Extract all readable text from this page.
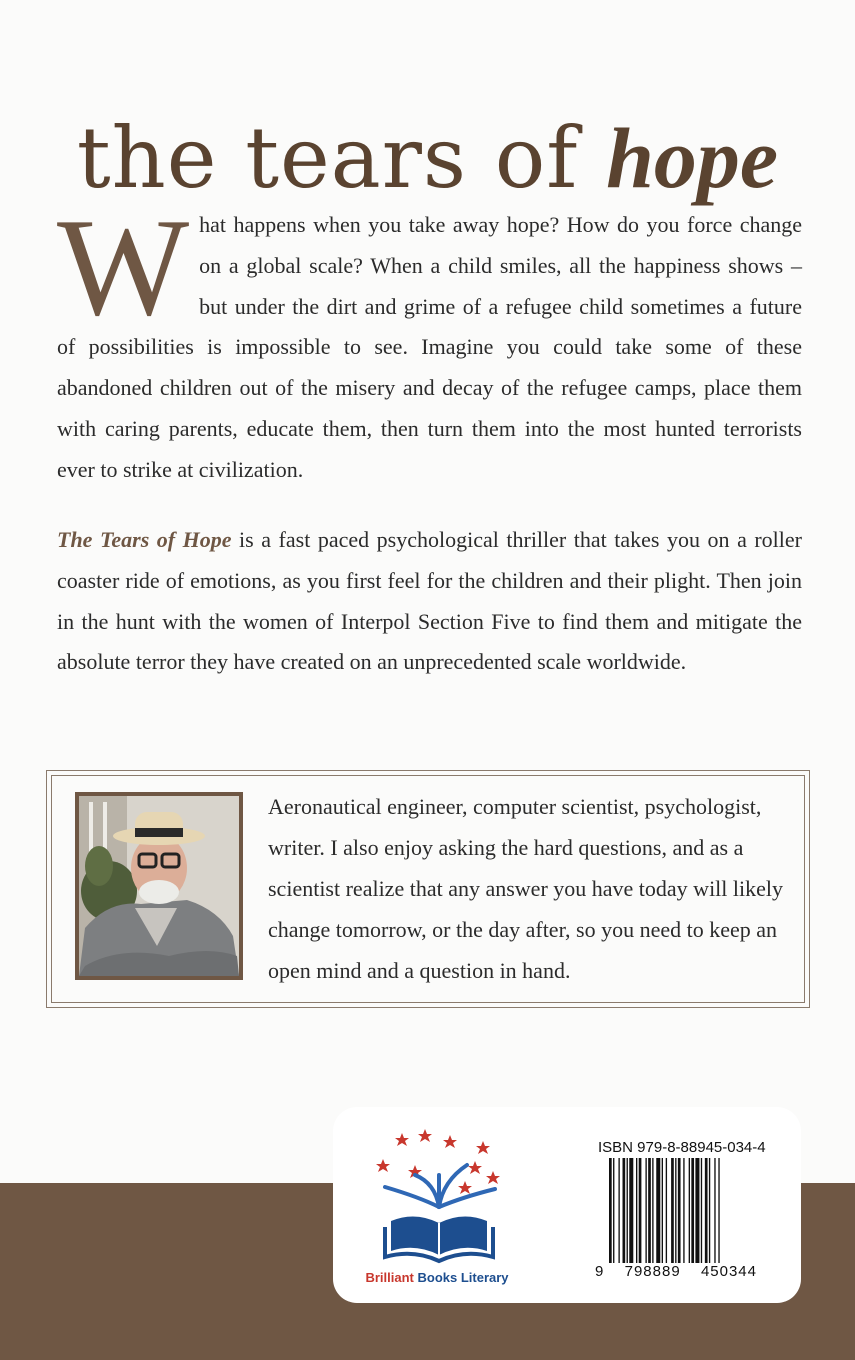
the tears of hope

What happens when you take away hope? How do you force change on a global scale? When a child smiles, all the happiness shows – but under the dirt and grime of a refugee child sometimes a future of possibilities is impossible to see. Imagine you could take some of these abandoned children out of the misery and decay of the refugee camps, place them with caring parents, educate them, then turn them into the most hunted terrorists ever to strike at civilization.

The Tears of Hope is a fast paced psychological thriller that takes you on a roller coaster ride of emotions, as you first feel for the children and their plight. Then join in the hunt with the women of Interpol Section Five to find them and mitigate the absolute terror they have created on an unprecedented scale worldwide.

Aeronautical engineer, computer scientist, psychologist, writer. I also enjoy asking the hard questions, and as a scientist realize that any answer you have today will likely change tomorrow, or the day after, so you need to keep an open mind and a question in hand.

Brilliant Books Literary

ISBN 979-8-88945-034-4

9 798889 450344
